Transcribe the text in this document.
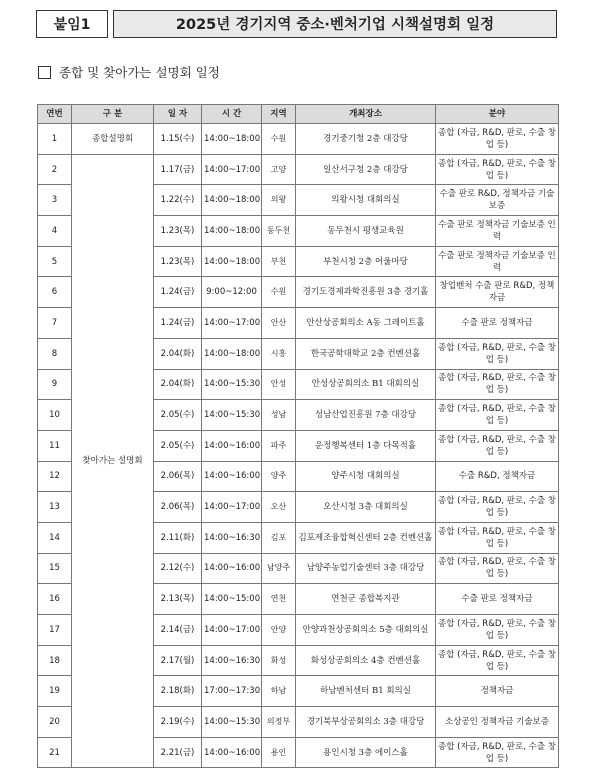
붙임1	2025년 경기지역 중소·벤처기업 시책설명회 일정
종합 및 찾아가는 설명회 일정
연번	구 분	일 자	시 간	지역	개최장소	분야
1	종합설명회	1.15(수)	14:00~18:00	수원	경기중기청 2층 대강당	종합 (자금, R&D, 판로, 수출 창업 등)
2	찾아가는 설명회	1.17(금)	14:00~17:00	고양	일산서구청 2층 대강당	종합 (자금, R&D, 판로, 수출 창업 등)
3		1.22(수)	14:00~18:00	의왕	의왕시청 대회의실	수출 판로 R&D, 정책자금 기술보증
4		1.23(목)	14:00~18:00	동두천	동두천시 평생교육원	수출 판로 정책자금 기술보증 인력
5		1.23(목)	14:00~18:00	부천	부천시청 2층 어울마당	수출 판로 정책자금 기술보증 인력
6		1.24(금)	9:00~12:00	수원	경기도경제과학진흥원 3층 경기홀	창업벤처 수출 판로 R&D, 정책자금
7		1.24(금)	14:00~17:00	안산	안산상공회의소 A동 그레이트홀	수출 판로 정책자금
8		2.04(화)	14:00~18:00	시흥	한국공학대학교 2층 컨벤션홀	종합 (자금, R&D, 판로, 수출 창업 등)
9		2.04(화)	14:00~15:30	안성	안성상공회의소 B1 대회의실	종합 (자금, R&D, 판로, 수출 창업 등)
10		2.05(수)	14:00~15:30	성남	성남산업진흥원 7층 대강당	종합 (자금, R&D, 판로, 수출 창업 등)
11		2.05(수)	14:00~16:00	파주	운정행복센터 1층 다목적홀	종합 (자금, R&D, 판로, 수출 창업 등)
12		2.06(목)	14:00~16:00	양주	양주시청 대회의실	수출 R&D, 정책자금
13		2.06(목)	14:00~17:00	오산	오산시청 3층 대회의실	종합 (자금, R&D, 판로, 수출 창업 등)
14		2.11(화)	14:00~16:30	김포	김포제조융합혁신센터 2층 컨벤션홀	종합 (자금, R&D, 판로, 수출 창업 등)
15		2.12(수)	14:00~16:00	남양주	남양주농업기술센터 3층 대강당	종합 (자금, R&D, 판로, 수출 창업 등)
16		2.13(목)	14:00~15:00	연천	연천군 종합복지관	수출 판로 정책자금
17		2.14(금)	14:00~17:00	안양	안양과천상공회의소 5층 대회의실	종합 (자금, R&D, 판로, 수출 창업 등)
18		2.17(월)	14:00~16:30	화성	화성상공회의소 4층 컨벤션홀	종합 (자금, R&D, 판로, 수출 창업 등)
19		2.18(화)	17:00~17:30	하남	하남벤처센터 B1 회의실	정책자금
20		2.19(수)	14:00~15:30	의정부	경기북부상공회의소 3층 대강당	소상공인 정책자금 기술보증
21		2.21(금)	14:00~16:00	용인	용인시청 3층 에이스홀	종합 (자금, R&D, 판로, 수출 창업 등)
